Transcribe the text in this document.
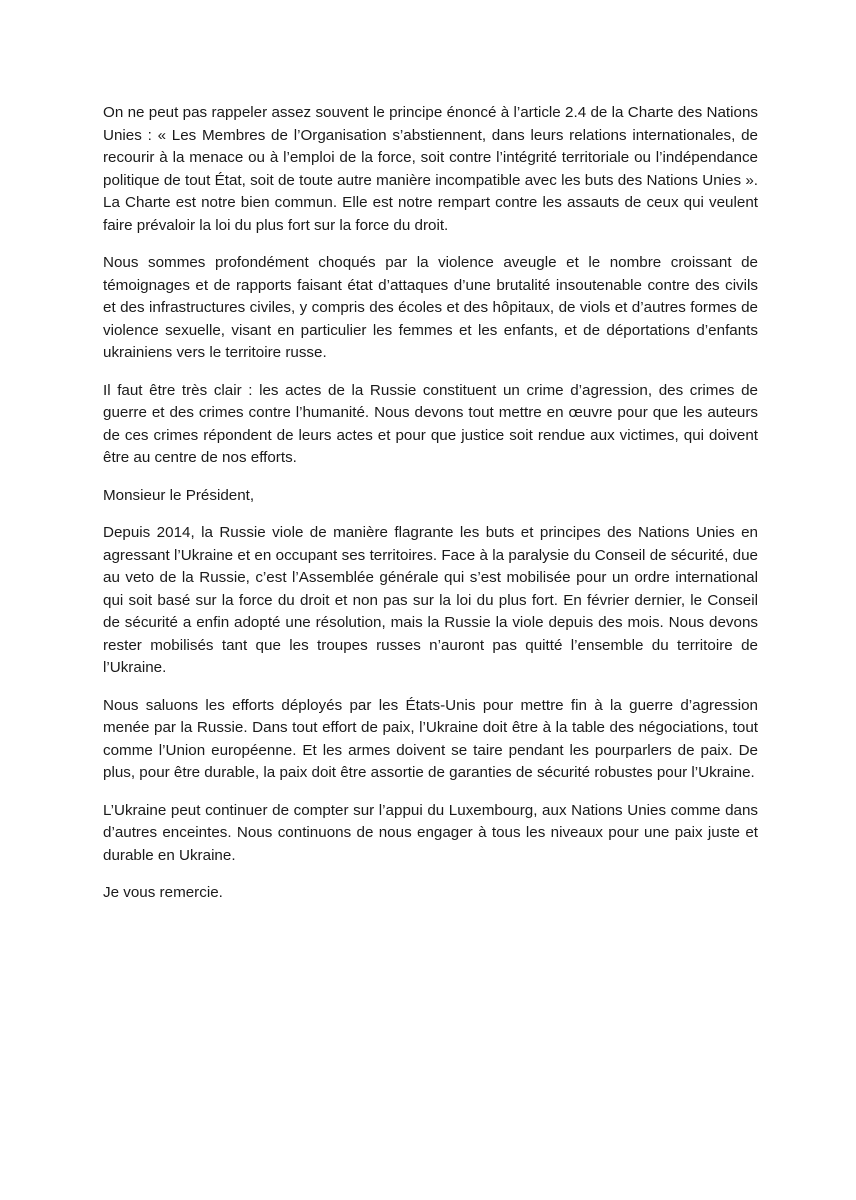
On ne peut pas rappeler assez souvent le principe énoncé à l’article 2.4 de la Charte des Nations Unies : « Les Membres de l’Organisation s’abstiennent, dans leurs relations internationales, de recourir à la menace ou à l’emploi de la force, soit contre l’intégrité territoriale ou l’indépendance politique de tout État, soit de toute autre manière incompatible avec les buts des Nations Unies ». La Charte est notre bien commun. Elle est notre rempart contre les assauts de ceux qui veulent faire prévaloir la loi du plus fort sur la force du droit.

Nous sommes profondément choqués par la violence aveugle et le nombre croissant de témoignages et de rapports faisant état d’attaques d’une brutalité insoutenable contre des civils et des infrastructures civiles, y compris des écoles et des hôpitaux, de viols et d’autres formes de violence sexuelle, visant en particulier les femmes et les enfants, et de déportations d’enfants ukrainiens vers le territoire russe.

Il faut être très clair : les actes de la Russie constituent un crime d’agression, des crimes de guerre et des crimes contre l’humanité. Nous devons tout mettre en œuvre pour que les auteurs de ces crimes répondent de leurs actes et pour que justice soit rendue aux victimes, qui doivent être au centre de nos efforts.

Monsieur le Président,

Depuis 2014, la Russie viole de manière flagrante les buts et principes des Nations Unies en agressant l’Ukraine et en occupant ses territoires. Face à la paralysie du Conseil de sécurité, due au veto de la Russie, c’est l’Assemblée générale qui s’est mobilisée pour un ordre international qui soit basé sur la force du droit et non pas sur la loi du plus fort. En février dernier, le Conseil de sécurité a enfin adopté une résolution, mais la Russie la viole depuis des mois. Nous devons rester mobilisés tant que les troupes russes n’auront pas quitté l’ensemble du territoire de l’Ukraine.

Nous saluons les efforts déployés par les États-Unis pour mettre fin à la guerre d’agression menée par la Russie. Dans tout effort de paix, l’Ukraine doit être à la table des négociations, tout comme l’Union européenne. Et les armes doivent se taire pendant les pourparlers de paix. De plus, pour être durable, la paix doit être assortie de garanties de sécurité robustes pour l’Ukraine.

L’Ukraine peut continuer de compter sur l’appui du Luxembourg, aux Nations Unies comme dans d’autres enceintes. Nous continuons de nous engager à tous les niveaux pour une paix juste et durable en Ukraine.

Je vous remercie.
